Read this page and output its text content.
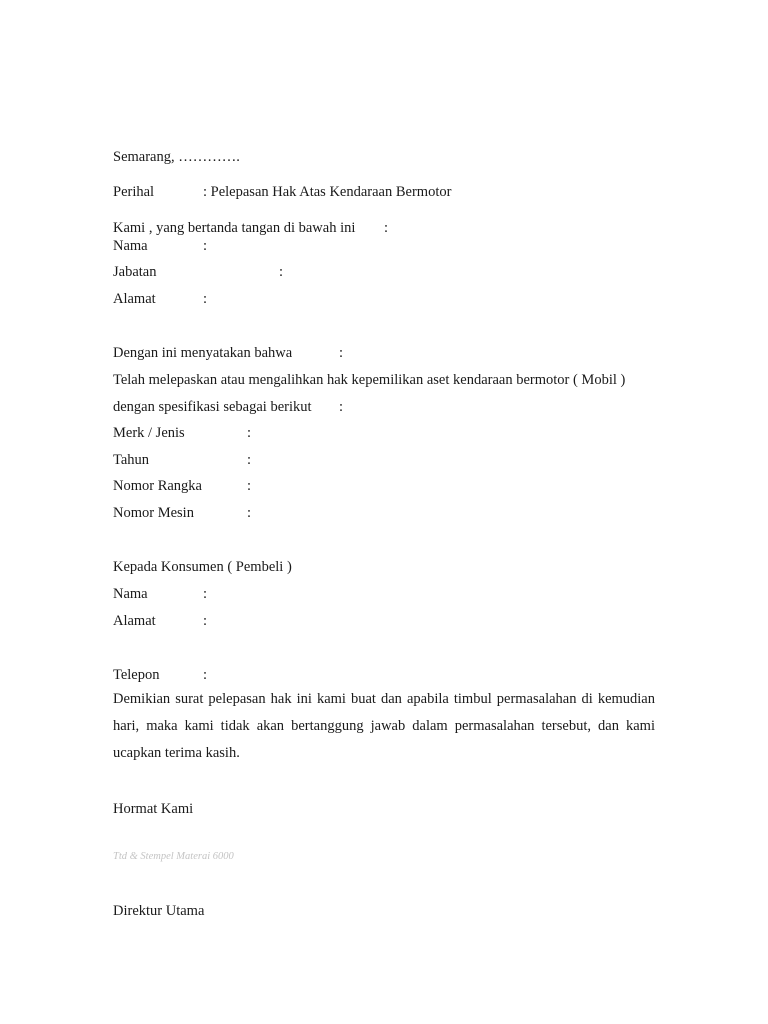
Semarang, ………….
Perihal	: Pelepasan Hak Atas Kendaraan Bermotor
Kami , yang bertanda tangan di bawah ini :
Nama	:
Jabatan	:
Alamat	:
Dengan ini menyatakan bahwa	:
Telah melepaskan atau mengalihkan hak kepemilikan aset kendaraan bermotor ( Mobil )
dengan spesifikasi sebagai berikut :
Merk / Jenis	:
Tahun	:
Nomor Rangka	:
Nomor Mesin	:
Kepada Konsumen ( Pembeli )
Nama	:
Alamat	:
Telepon	:
Demikian surat pelepasan hak ini kami buat dan apabila timbul permasalahan di kemudian hari, maka kami tidak akan bertanggung jawab dalam permasalahan tersebut, dan kami ucapkan terima kasih.
Hormat Kami
Ttd & Stempel Materai 6000
Direktur Utama
